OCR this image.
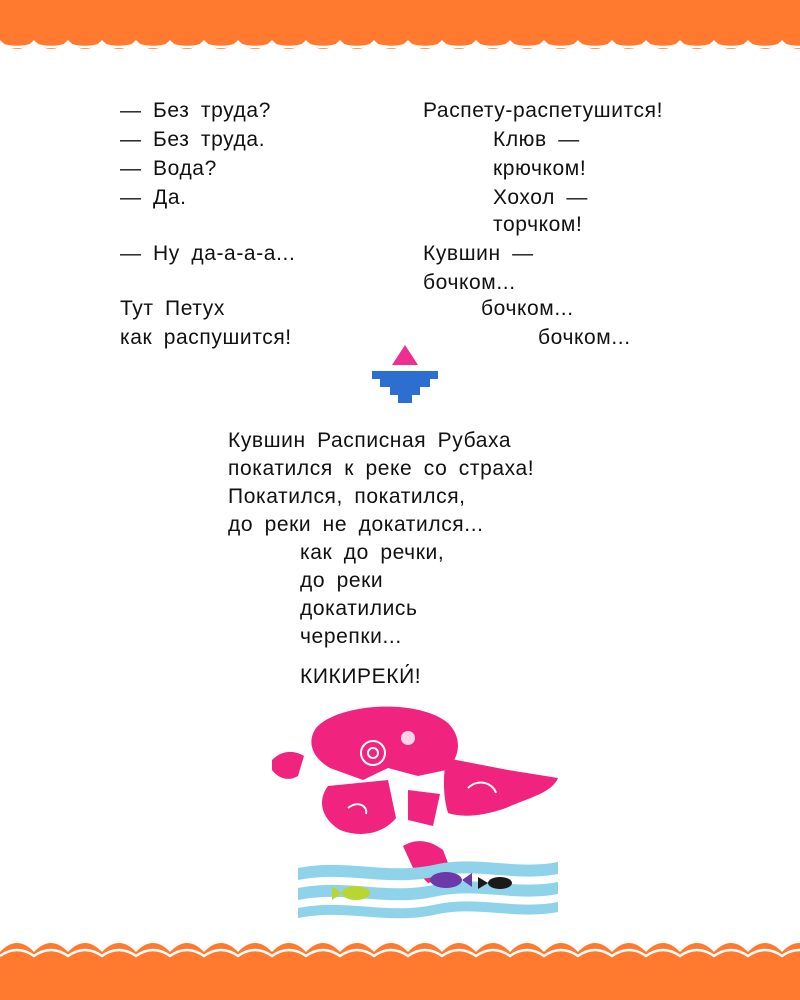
— Без труда?
— Без труда.
— Вода?
— Да.
— Ну да-а-а-а...
Тут Петух
как распушится!
Распету-распетушится!
Клюв —
крючком!
Хохол —
торчком!
Кувшин —
бочком...
бочком...
бочком...
Кувшин Расписная Рубаха
покатился к реке со страха!
Покатился, покатился,
до реки не докатился...
как до речки,
до реки
докатились
черепки...
КИКИРЕКИ́!
